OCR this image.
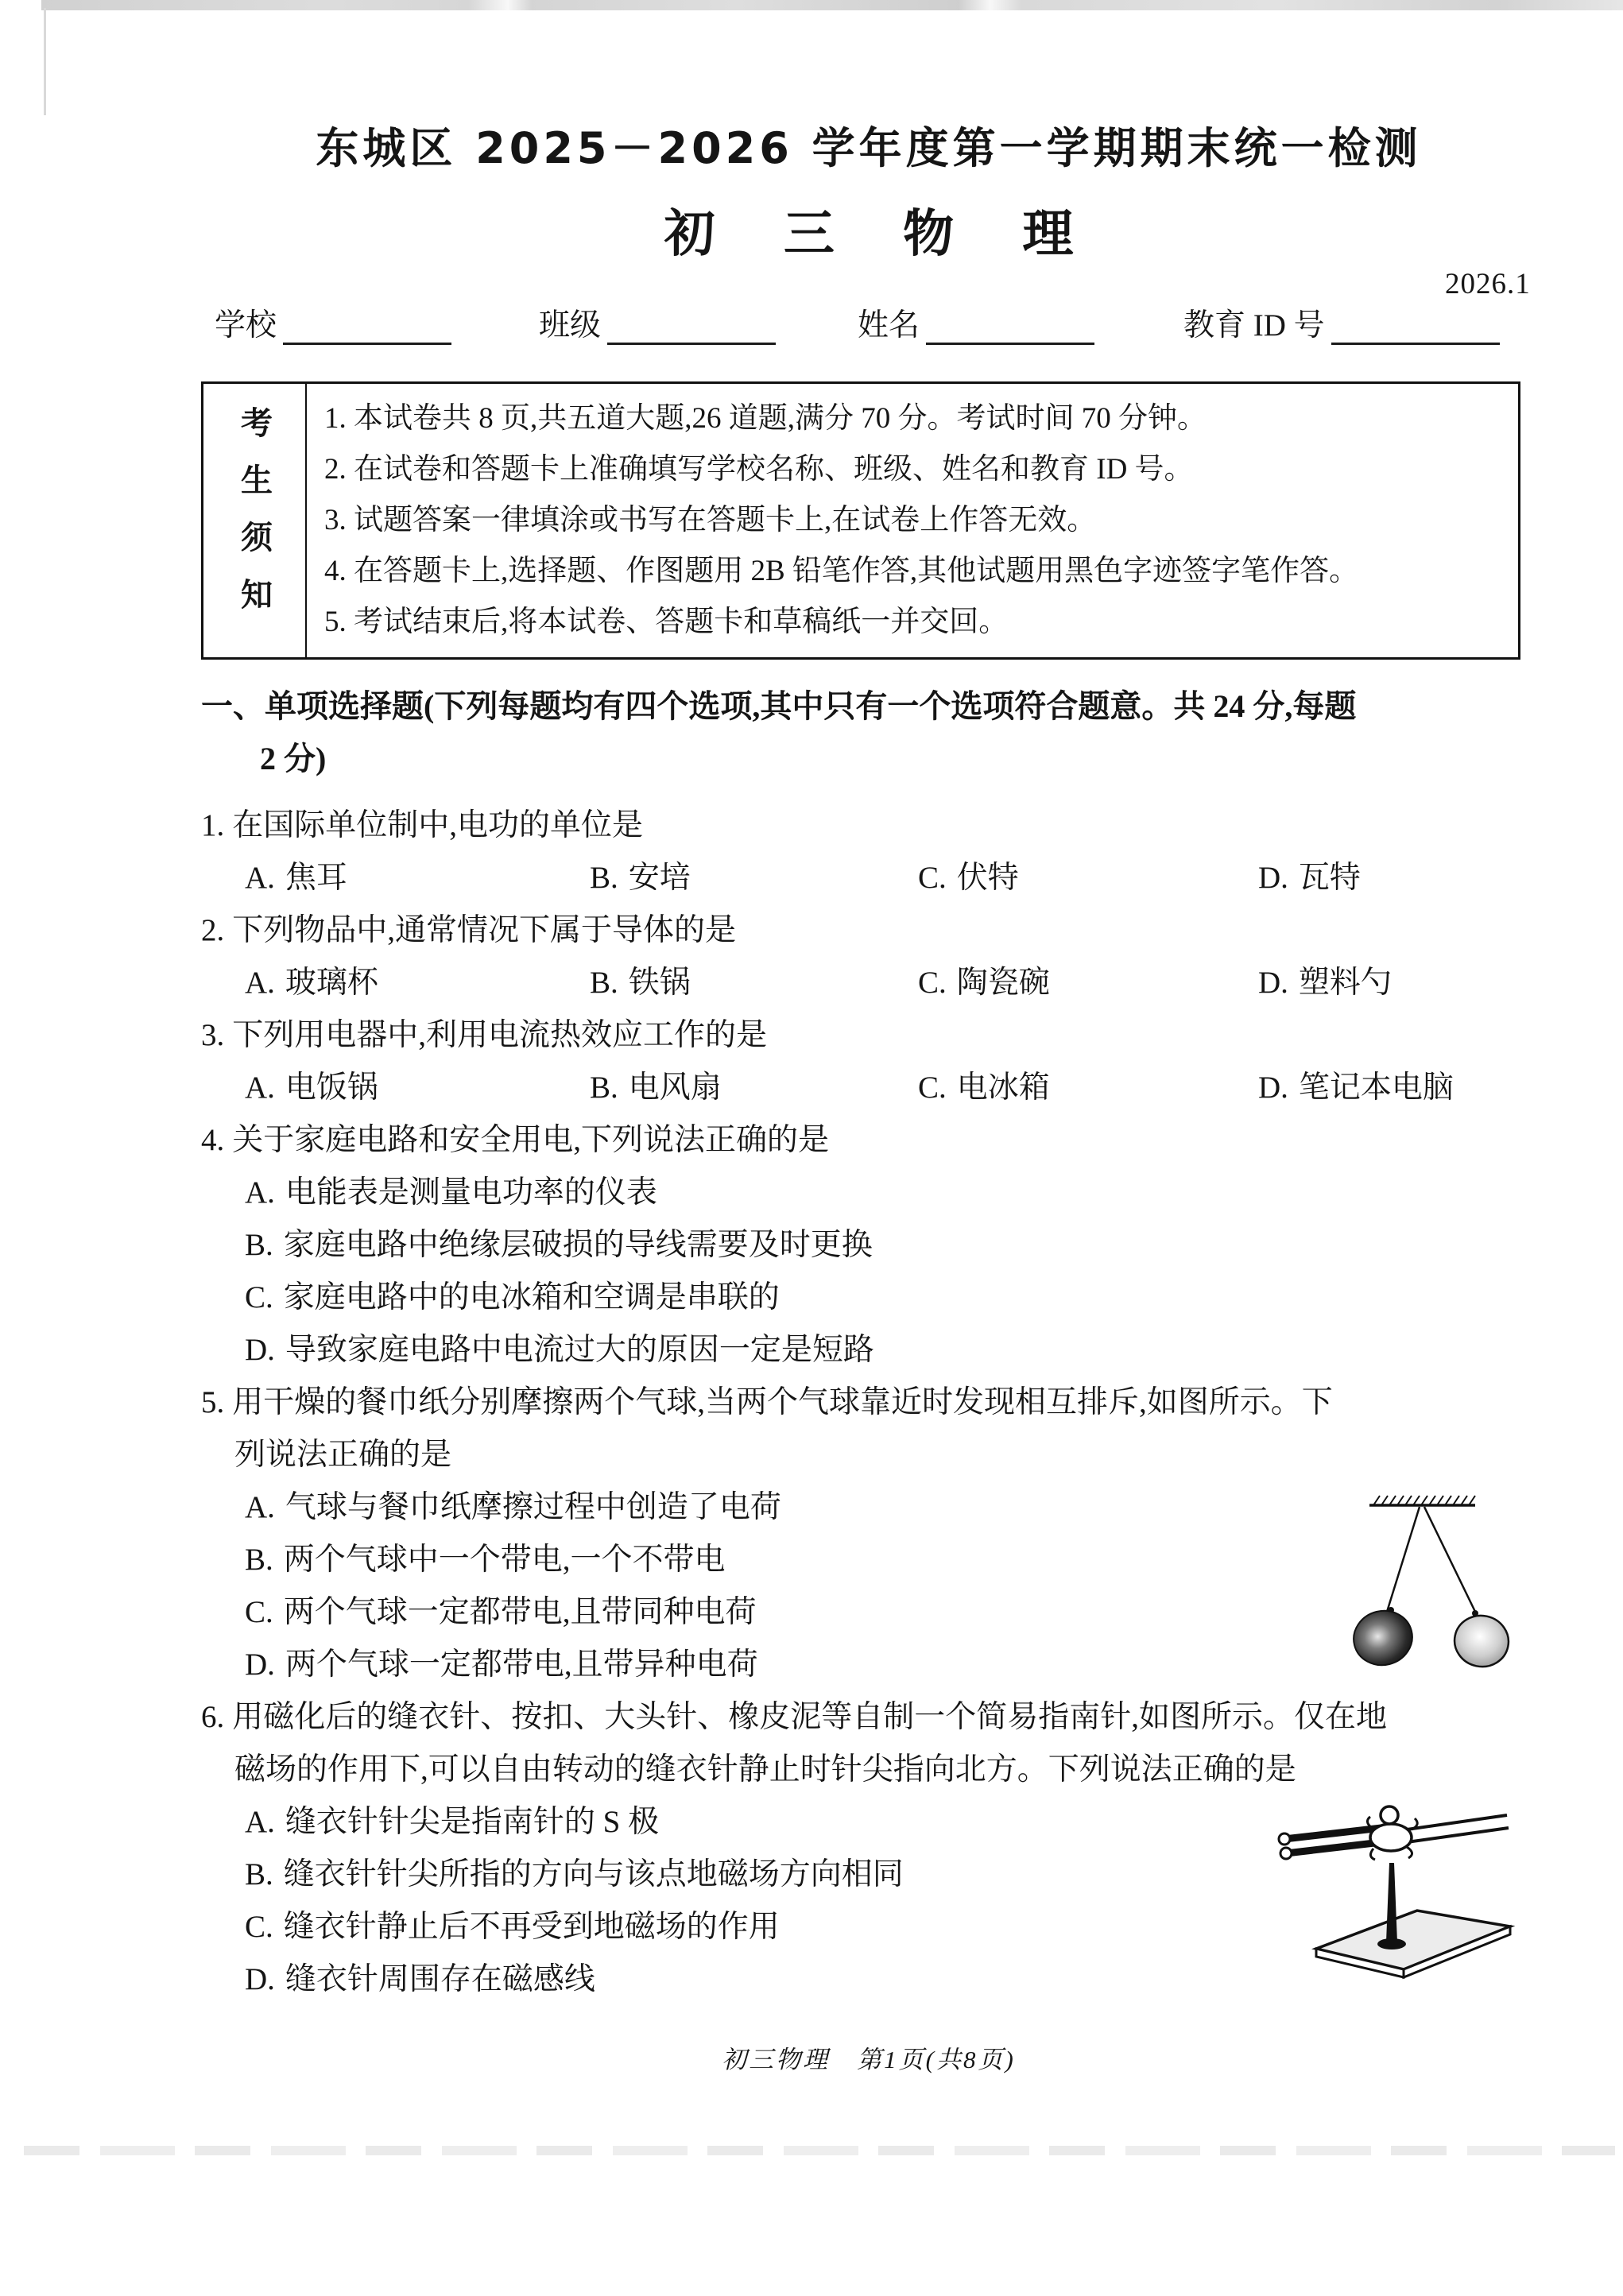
2026.1
东城区 2025－2026 学年度第一学期期末统一检测
初 三 物 理
学校	班级	姓名	教育 ID 号
考生须知	1. 本试卷共 8 页,共五道大题,26 道题,满分 70 分。考试时间 70 分钟。
2. 在试卷和答题卡上准确填写学校名称、班级、姓名和教育 ID 号。
3. 试题答案一律填涂或书写在答题卡上,在试卷上作答无效。
4. 在答题卡上,选择题、作图题用 2B 铅笔作答,其他试题用黑色字迹签字笔作答。
5. 考试结束后,将本试卷、答题卡和草稿纸一并交回。
一、单项选择题(下列每题均有四个选项,其中只有一个选项符合题意。共 24 分,每题
2 分)
1. 在国际单位制中,电功的单位是
A. 焦耳	B. 安培	C. 伏特	D. 瓦特
2. 下列物品中,通常情况下属于导体的是
A. 玻璃杯	B. 铁锅	C. 陶瓷碗	D. 塑料勺
3. 下列用电器中,利用电流热效应工作的是
A. 电饭锅	B. 电风扇	C. 电冰箱	D. 笔记本电脑
4. 关于家庭电路和安全用电,下列说法正确的是
A. 电能表是测量电功率的仪表
B. 家庭电路中绝缘层破损的导线需要及时更换
C. 家庭电路中的电冰箱和空调是串联的
D. 导致家庭电路中电流过大的原因一定是短路
5. 用干燥的餐巾纸分别摩擦两个气球,当两个气球靠近时发现相互排斥,如图所示。下
列说法正确的是
A. 气球与餐巾纸摩擦过程中创造了电荷
B. 两个气球中一个带电,一个不带电
C. 两个气球一定都带电,且带同种电荷
D. 两个气球一定都带电,且带异种电荷
6. 用磁化后的缝衣针、按扣、大头针、橡皮泥等自制一个简易指南针,如图所示。仅在地
磁场的作用下,可以自由转动的缝衣针静止时针尖指向北方。下列说法正确的是
A. 缝衣针针尖是指南针的 S 极
B. 缝衣针针尖所指的方向与该点地磁场方向相同
C. 缝衣针静止后不再受到地磁场的作用
D. 缝衣针周围存在磁感线
初三物理　第1页(共8页)
